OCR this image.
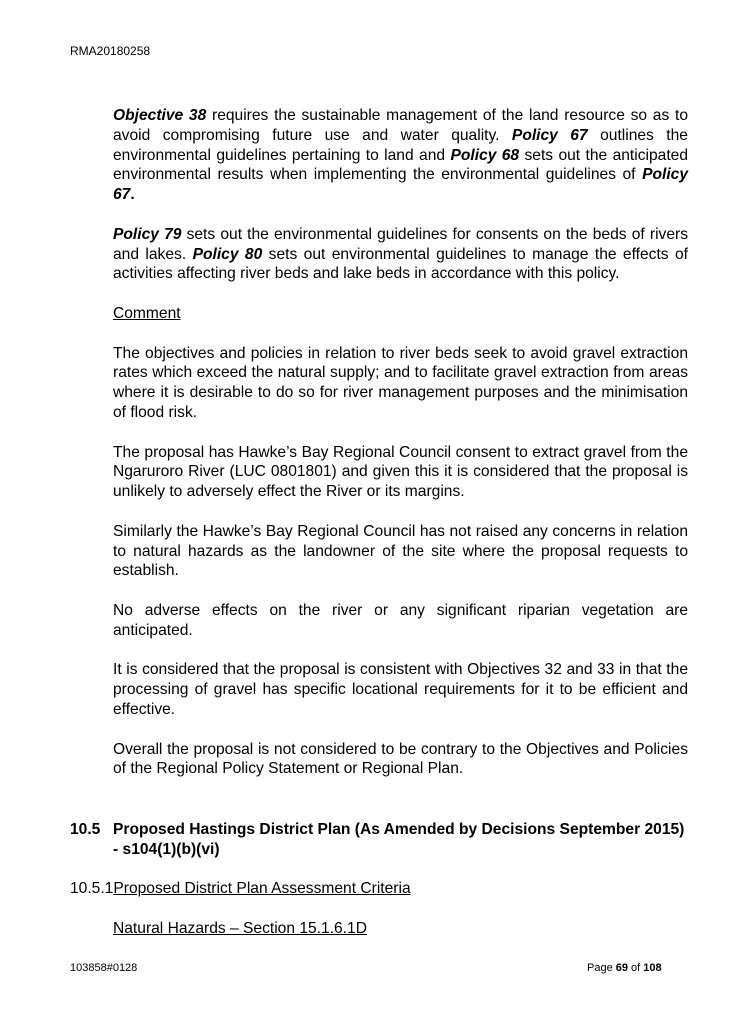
RMA20180258

Objective 38 requires the sustainable management of the land resource so as to avoid compromising future use and water quality. Policy 67 outlines the environmental guidelines pertaining to land and Policy 68 sets out the anticipated environmental results when implementing the environmental guidelines of Policy 67.

Policy 79 sets out the environmental guidelines for consents on the beds of rivers and lakes. Policy 80 sets out environmental guidelines to manage the effects of activities affecting river beds and lake beds in accordance with this policy.

Comment

The objectives and policies in relation to river beds seek to avoid gravel extraction rates which exceed the natural supply; and to facilitate gravel extraction from areas where it is desirable to do so for river management purposes and the minimisation of flood risk.

The proposal has Hawke’s Bay Regional Council consent to extract gravel from the Ngaruroro River (LUC 0801801) and given this it is considered that the proposal is unlikely to adversely effect the River or its margins.

Similarly the Hawke’s Bay Regional Council has not raised any concerns in relation to natural hazards as the landowner of the site where the proposal requests to establish.

No adverse effects on the river or any significant riparian vegetation are anticipated.

It is considered that the proposal is consistent with Objectives 32 and 33 in that the processing of gravel has specific locational requirements for it to be efficient and effective.

Overall the proposal is not considered to be contrary to the Objectives and Policies of the Regional Policy Statement or Regional Plan.

10.5 Proposed Hastings District Plan (As Amended by Decisions September 2015) - s104(1)(b)(vi)
10.5.1Proposed District Plan Assessment Criteria
Natural Hazards – Section 15.1.6.1D
103858#0128	Page 69 of 108
